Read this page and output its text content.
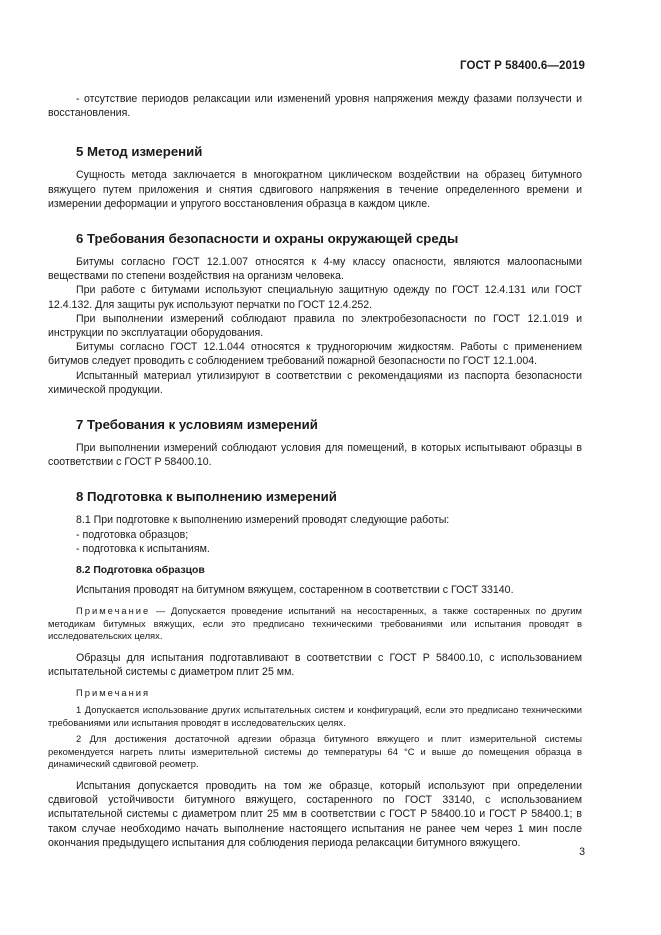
ГОСТ Р 58400.6—2019

- отсутствие периодов релаксации или изменений уровня напряжения между фазами ползучести и восстановления.

5 Метод измерений

Сущность метода заключается в многократном циклическом воздействии на образец битумного вяжущего путем приложения и снятия сдвигового напряжения в течение определенного времени и измерении деформации и упругого восстановления образца в каждом цикле.

6 Требования безопасности и охраны окружающей среды

Битумы согласно ГОСТ 12.1.007 относятся к 4-му классу опасности, являются малоопасными веществами по степени воздействия на организм человека.

При работе с битумами используют специальную защитную одежду по ГОСТ 12.4.131 или ГОСТ 12.4.132. Для защиты рук используют перчатки по ГОСТ 12.4.252.

При выполнении измерений соблюдают правила по электробезопасности по ГОСТ 12.1.019 и инструкции по эксплуатации оборудования.

Битумы согласно ГОСТ 12.1.044 относятся к трудногорючим жидкостям. Работы с применением битумов следует проводить с соблюдением требований пожарной безопасности по ГОСТ 12.1.004.

Испытанный материал утилизируют в соответствии с рекомендациями из паспорта безопасности химической продукции.

7 Требования к условиям измерений

При выполнении измерений соблюдают условия для помещений, в которых испытывают образцы в соответствии с ГОСТ Р 58400.10.

8 Подготовка к выполнению измерений

8.1 При подготовке к выполнению измерений проводят следующие работы:

- подготовка образцов;

- подготовка к испытаниям.

8.2 Подготовка образцов

Испытания проводят на битумном вяжущем, состаренном в соответствии с ГОСТ 33140.

Примечание — Допускается проведение испытаний на несостаренных, а также состаренных по другим методикам битумных вяжущих, если это предписано техническими требованиями или испытания проводят в исследовательских целях.

Образцы для испытания подготавливают в соответствии с ГОСТ Р 58400.10, с использованием испытательной системы с диаметром плит 25 мм.

Примечания

1 Допускается использование других испытательных систем и конфигураций, если это предписано техническими требованиями или испытания проводят в исследовательских целях.

2 Для достижения достаточной адгезии образца битумного вяжущего и плит измерительной системы рекомендуется нагреть плиты измерительной системы до температуры 64 °С и выше до помещения образца в динамический сдвиговой реометр.

Испытания допускается проводить на том же образце, который используют при определении сдвиговой устойчивости битумного вяжущего, состаренного по ГОСТ 33140, с использованием испытательной системы с диаметром плит 25 мм в соответствии с ГОСТ Р 58400.10 и ГОСТ Р 58400.1; в таком случае необходимо начать выполнение настоящего испытания не ранее чем через 1 мин после окончания предыдущего испытания для соблюдения периода релаксации битумного вяжущего.

3
